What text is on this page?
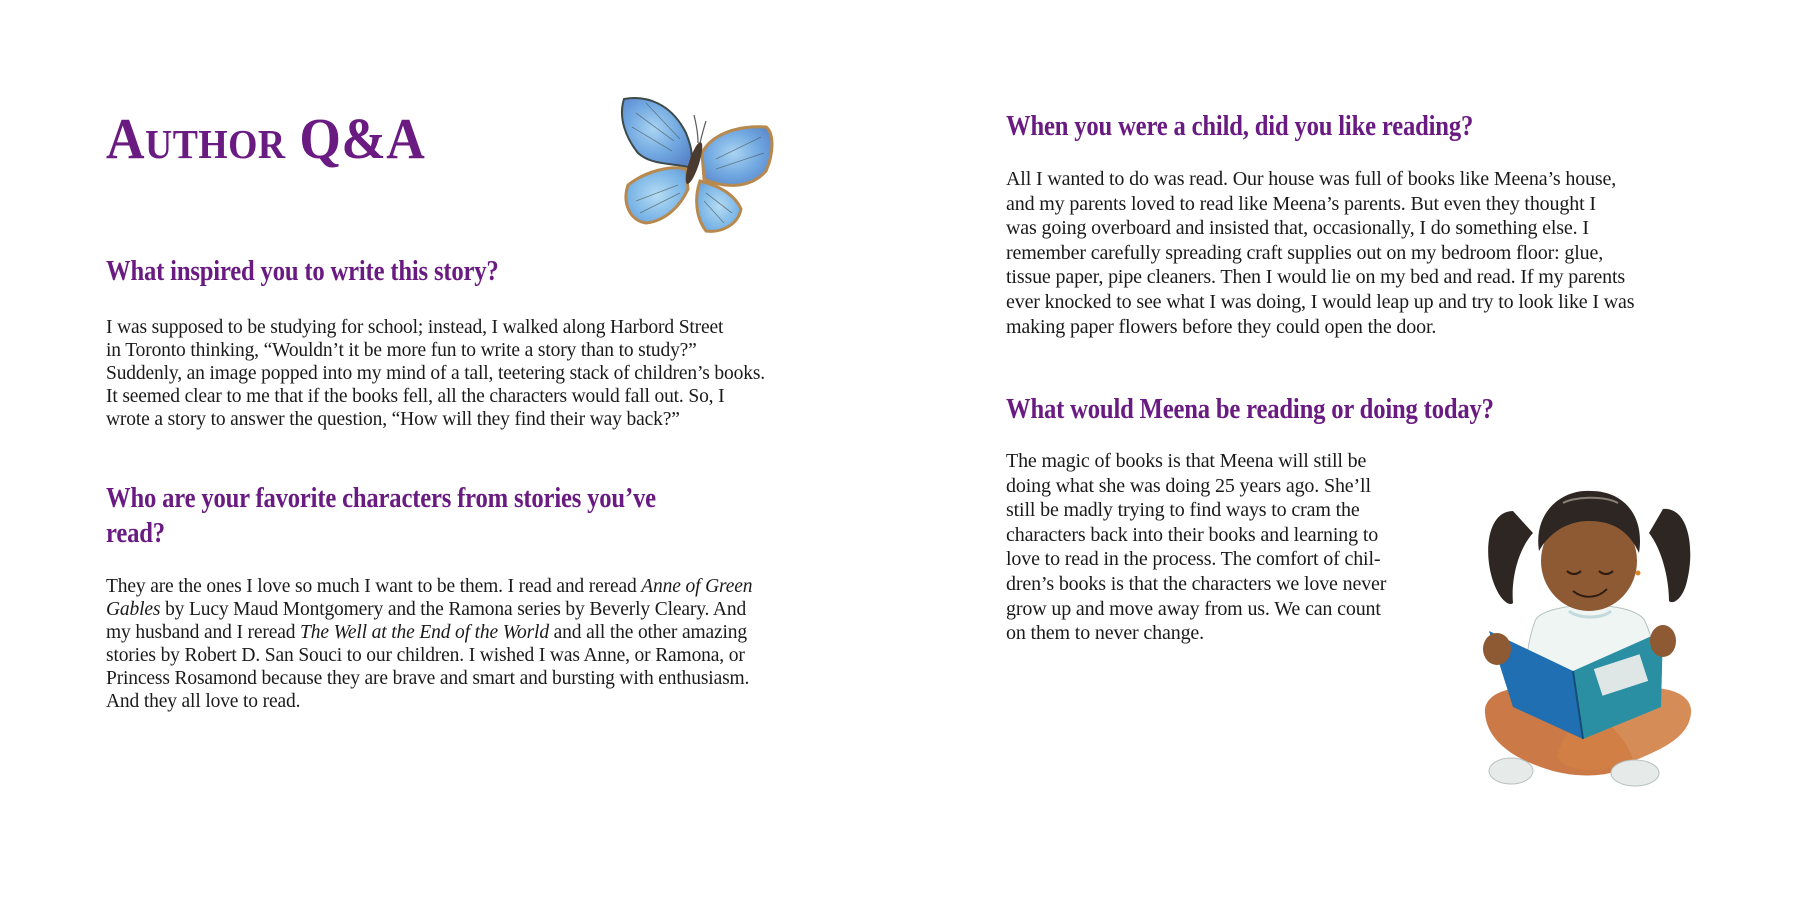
Author Q&A
What inspired you to write this story?

I was supposed to be studying for school; instead, I walked along Harbord Street
in Toronto thinking, “Wouldn’t it be more fun to write a story than to study?”
Suddenly, an image popped into my mind of a tall, teetering stack of children’s books.
It seemed clear to me that if the books fell, all the characters would fall out. So, I
wrote a story to answer the question, “How will they find their way back?”

Who are your favorite characters from stories you’ve
read?

They are the ones I love so much I want to be them. I read and reread Anne of Green
Gables by Lucy Maud Montgomery and the Ramona series by Beverly Cleary. And
my husband and I reread The Well at the End of the World and all the other amazing
stories by Robert D. San Souci to our children. I wished I was Anne, or Ramona, or
Princess Rosamond because they are brave and smart and bursting with enthusiasm.
And they all love to read.

When you were a child, did you like reading?

All I wanted to do was read. Our house was full of books like Meena’s house,
and my parents loved to read like Meena’s parents. But even they thought I
was going overboard and insisted that, occasionally, I do something else. I
remember carefully spreading craft supplies out on my bedroom floor: glue,
tissue paper, pipe cleaners. Then I would lie on my bed and read. If my parents
ever knocked to see what I was doing, I would leap up and try to look like I was
making paper flowers before they could open the door.

What would Meena be reading or doing today?

The magic of books is that Meena will still be
doing what she was doing 25 years ago. She’ll
still be madly trying to find ways to cram the
characters back into their books and learning to
love to read in the process. The comfort of chil-
dren’s books is that the characters we love never
grow up and move away from us. We can count
on them to never change.
